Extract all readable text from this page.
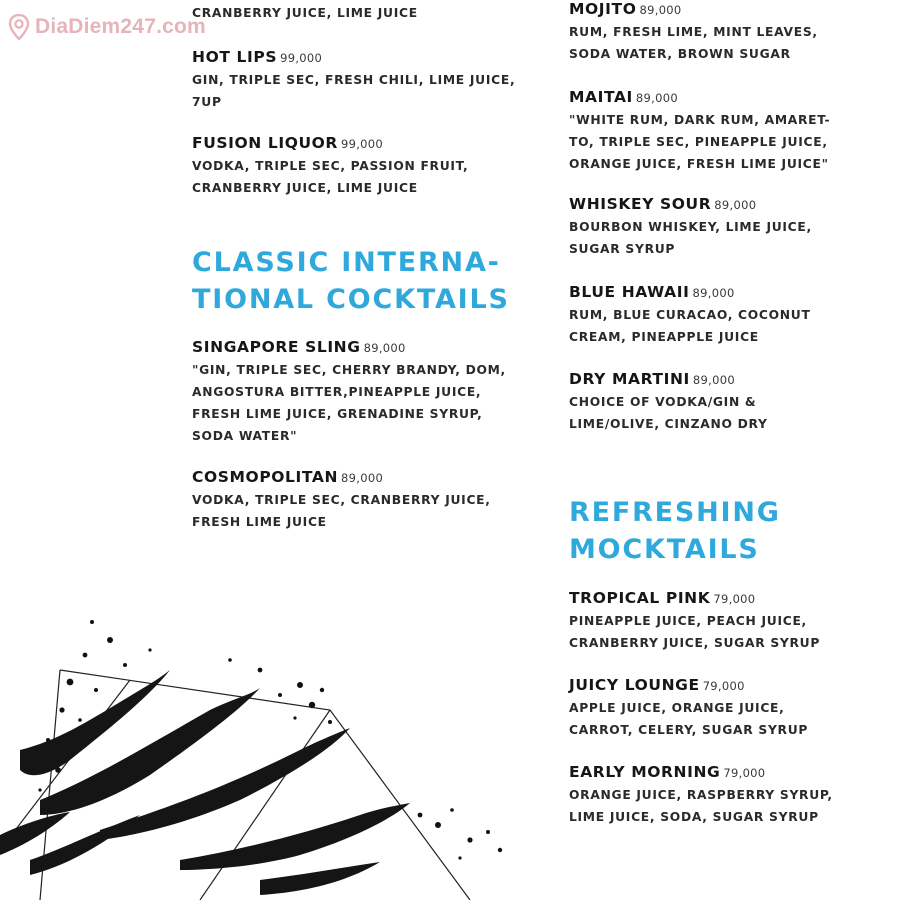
DiaDiem247.com
CRANBERRY JUICE, LIME JUICE
HOT LIPS 99,000
GIN, TRIPLE SEC, FRESH CHILI, LIME JUICE,
7UP
FUSION LIQUOR 99,000
VODKA, TRIPLE SEC, PASSION FRUIT,
CRANBERRY JUICE, LIME JUICE
CLASSIC INTERNA-
TIONAL COCKTAILS
SINGAPORE SLING 89,000
"GIN, TRIPLE SEC, CHERRY BRANDY, DOM,
ANGOSTURA BITTER,PINEAPPLE JUICE,
FRESH LIME JUICE, GRENADINE SYRUP,
SODA WATER"
COSMOPOLITAN 89,000
VODKA, TRIPLE SEC, CRANBERRY JUICE,
FRESH LIME JUICE
MOJITO 89,000
RUM, FRESH LIME, MINT LEAVES,
SODA WATER, BROWN SUGAR
MAITAI 89,000
"WHITE RUM, DARK RUM, AMARET-
TO, TRIPLE SEC, PINEAPPLE JUICE,
ORANGE JUICE, FRESH LIME JUICE"
WHISKEY SOUR 89,000
BOURBON WHISKEY, LIME JUICE,
SUGAR SYRUP
BLUE HAWAII 89,000
RUM, BLUE CURACAO, COCONUT
CREAM, PINEAPPLE JUICE
DRY MARTINI 89,000
CHOICE OF VODKA/GIN &
LIME/OLIVE, CINZANO DRY
REFRESHING
MOCKTAILS
TROPICAL PINK 79,000
PINEAPPLE JUICE, PEACH JUICE,
CRANBERRY JUICE, SUGAR SYRUP
JUICY LOUNGE 79,000
APPLE JUICE, ORANGE JUICE,
CARROT, CELERY, SUGAR SYRUP
EARLY MORNING 79,000
ORANGE JUICE, RASPBERRY SYRUP,
LIME JUICE, SODA, SUGAR SYRUP
